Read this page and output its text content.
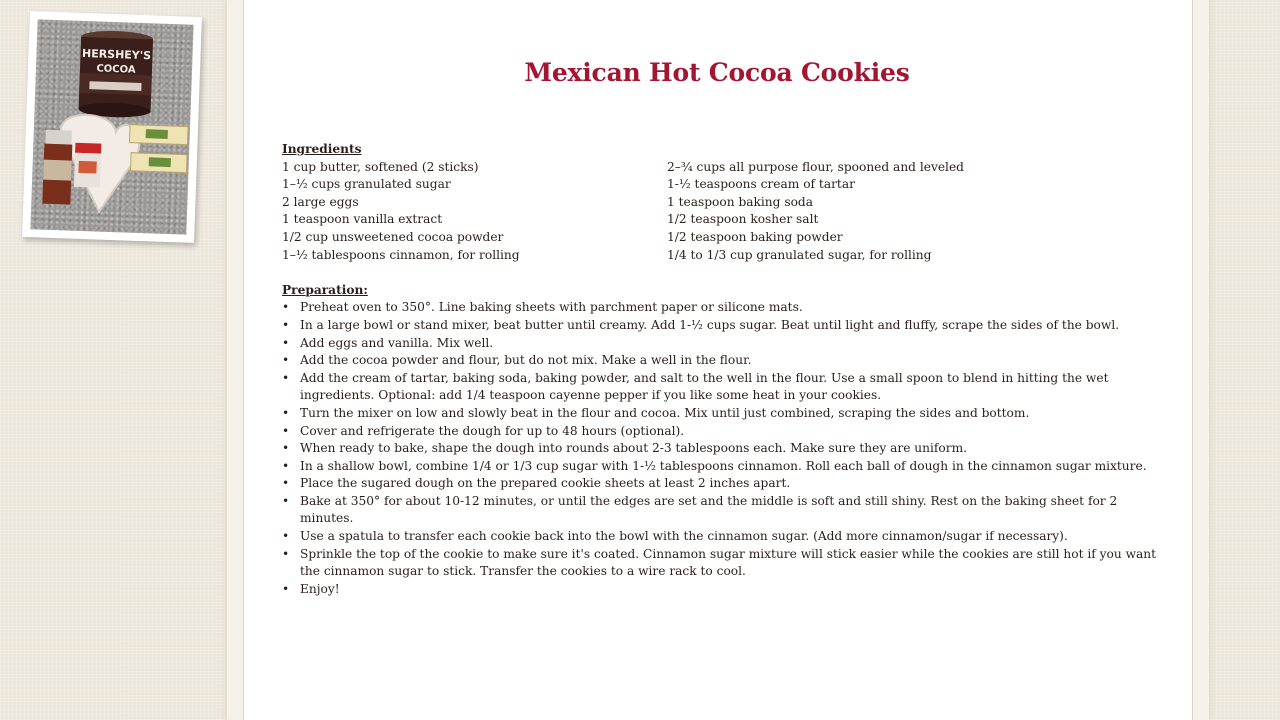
HERSHEY'S
COCOA	Mexican Hot Cocoa Cookies

Ingredients

1 cup butter, softened (2 sticks)
1–½ cups granulated sugar
2 large eggs
1 teaspoon vanilla extract
1/2 cup unsweetened cocoa powder
1–½ tablespoons cinnamon, for rolling
2–¾ cups all purpose flour, spooned and leveled
1-½ teaspoons cream of tartar
1 teaspoon baking soda
1/2 teaspoon kosher salt
1/2 teaspoon baking powder
1/4 to 1/3 cup granulated sugar, for rolling

Preparation:

• Preheat oven to 350°. Line baking sheets with parchment paper or silicone mats.
• In a large bowl or stand mixer, beat butter until creamy. Add 1-½ cups sugar. Beat until light and fluffy, scrape the sides of the bowl.
• Add eggs and vanilla. Mix well.
• Add the cocoa powder and flour, but do not mix. Make a well in the flour.
• Add the cream of tartar, baking soda, baking powder, and salt to the well in the flour. Use a small spoon to blend in hitting the wet ingredients. Optional: add 1/4 teaspoon cayenne pepper if you like some heat in your cookies.
• Turn the mixer on low and slowly beat in the flour and cocoa. Mix until just combined, scraping the sides and bottom.
• Cover and refrigerate the dough for up to 48 hours (optional).
• When ready to bake, shape the dough into rounds about 2-3 tablespoons each. Make sure they are uniform.
• In a shallow bowl, combine 1/4 or 1/3 cup sugar with 1-½ tablespoons cinnamon. Roll each ball of dough in the cinnamon sugar mixture.
• Place the sugared dough on the prepared cookie sheets at least 2 inches apart.
• Bake at 350° for about 10-12 minutes, or until the edges are set and the middle is soft and still shiny. Rest on the baking sheet for 2 minutes.
• Use a spatula to transfer each cookie back into the bowl with the cinnamon sugar. (Add more cinnamon/sugar if necessary).
• Sprinkle the top of the cookie to make sure it's coated. Cinnamon sugar mixture will stick easier while the cookies are still hot if you want the cinnamon sugar to stick. Transfer the cookies to a wire rack to cool.
• Enjoy!
